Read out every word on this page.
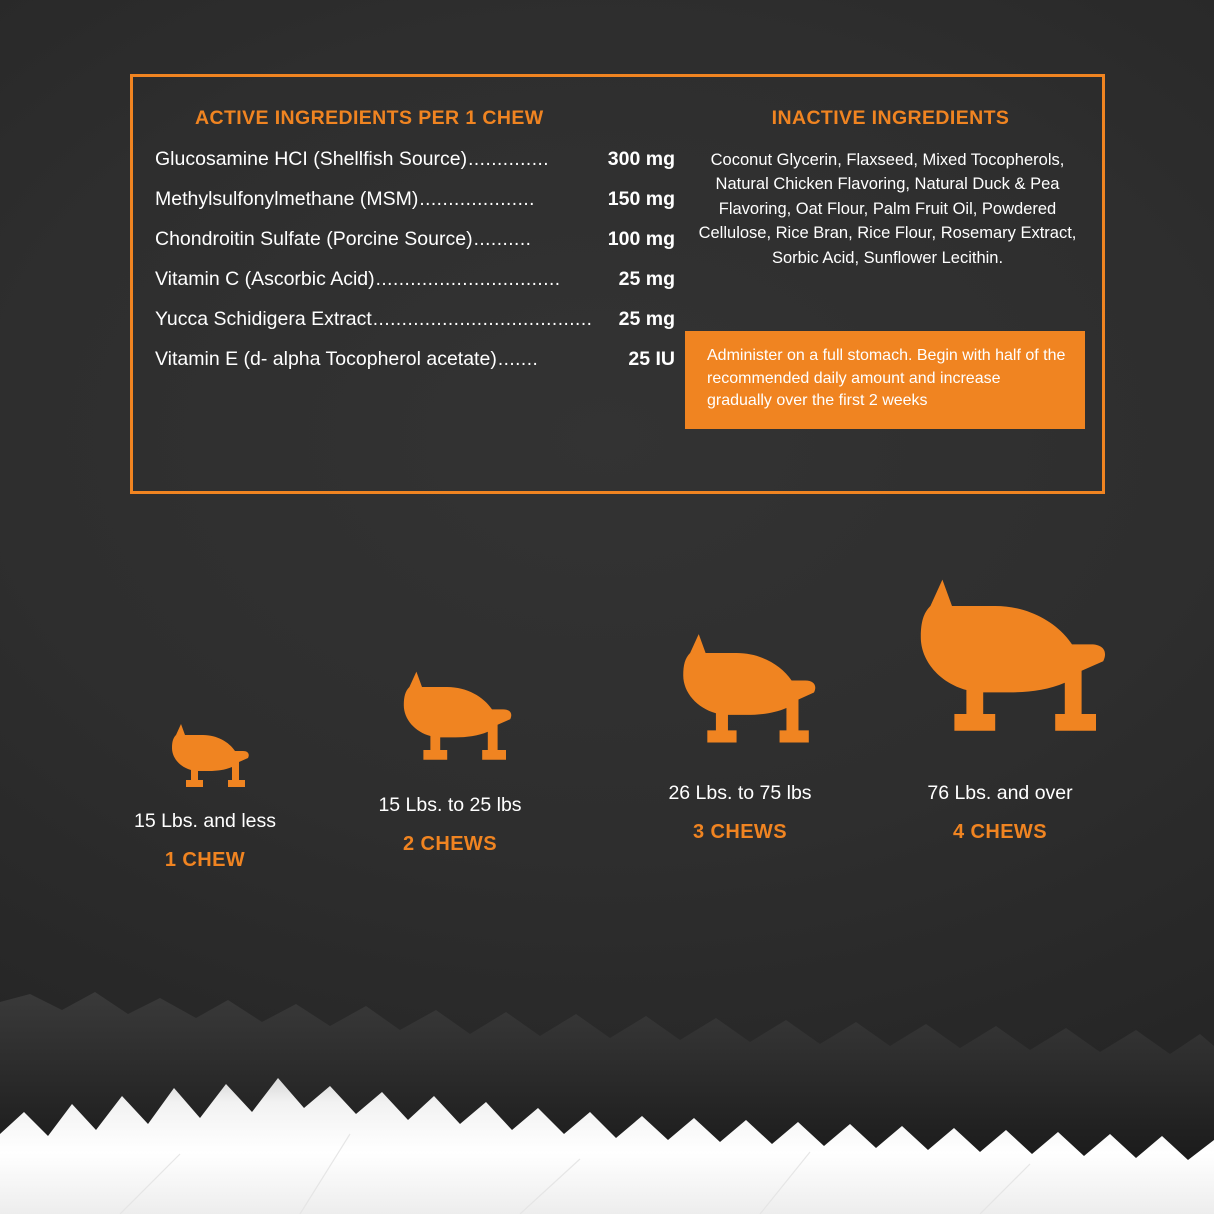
ACTIVE INGREDIENTS PER 1 CHEW
Glucosamine HCI (Shellfish Source) ..............	300 mg
Methylsulfonylmethane (MSM) ....................	150 mg
Chondroitin Sulfate (Porcine Source) ..........	100 mg
Vitamin C (Ascorbic Acid) ................................	25 mg
Yucca Schidigera Extract ......................................	25 mg
Vitamin E (d- alpha Tocopherol acetate) .......	25 IU
INACTIVE INGREDIENTS

Coconut Glycerin, Flaxseed, Mixed Tocopherols, Natural Chicken Flavoring, Natural Duck & Pea Flavoring, Oat Flour, Palm Fruit Oil, Powdered Cellulose, Rice Bran, Rice Flour, Rosemary Extract, Sorbic Acid, Sunflower Lecithin.

Administer on a full stomach. Begin with half of the recommended daily amount and increase gradually over the first 2 weeks

15 Lbs. and less
1 CHEW
15 Lbs. to 25 lbs
2 CHEWS
26 Lbs. to 75 lbs
3 CHEWS
76 Lbs. and over
4 CHEWS
